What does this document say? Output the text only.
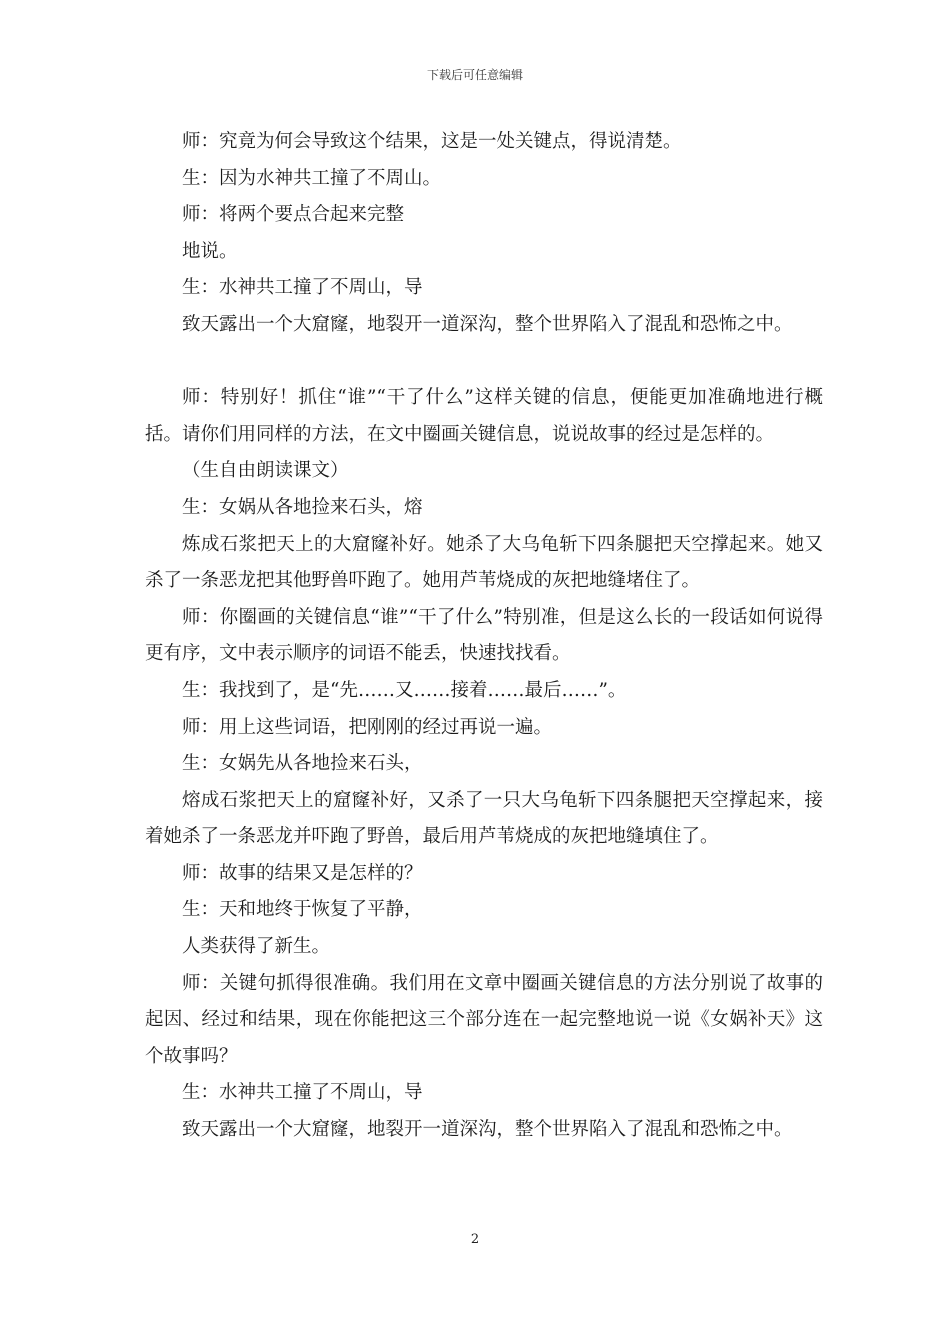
下载后可任意编辑

师：究竟为何会导致这个结果，这是一处关键点，得说清楚。

生：因为水神共工撞了不周山。

师：将两个要点合起来完整

地说。

生：水神共工撞了不周山，导

致天露出一个大窟窿，地裂开一道深沟，整个世界陷入了混乱和恐怖之中。

师：特别好！抓住“谁”“干了什么”这样关键的信息，便能更加准确地进行概括。请你们用同样的方法，在文中圈画关键信息，说说故事的经过是怎样的。

（生自由朗读课文）

生：女娲从各地捡来石头，熔

炼成石浆把天上的大窟窿补好。她杀了大乌龟斩下四条腿把天空撑起来。她又杀了一条恶龙把其他野兽吓跑了。她用芦苇烧成的灰把地缝堵住了。

师：你圈画的关键信息“谁”“干了什么”特别准，但是这么长的一段话如何说得更有序，文中表示顺序的词语不能丢，快速找找看。

生：我找到了，是“先……又……接着……最后……”。

师：用上这些词语，把刚刚的经过再说一遍。

生：女娲先从各地捡来石头，

熔成石浆把天上的窟窿补好，又杀了一只大乌龟斩下四条腿把天空撑起来，接着她杀了一条恶龙并吓跑了野兽，最后用芦苇烧成的灰把地缝填住了。

师：故事的结果又是怎样的？

生：天和地终于恢复了平静，

人类获得了新生。

师：关键句抓得很准确。我们用在文章中圈画关键信息的方法分别说了故事的起因、经过和结果，现在你能把这三个部分连在一起完整地说一说《女娲补天》这个故事吗？

生：水神共工撞了不周山，导

致天露出一个大窟窿，地裂开一道深沟，整个世界陷入了混乱和恐怖之中。

2
